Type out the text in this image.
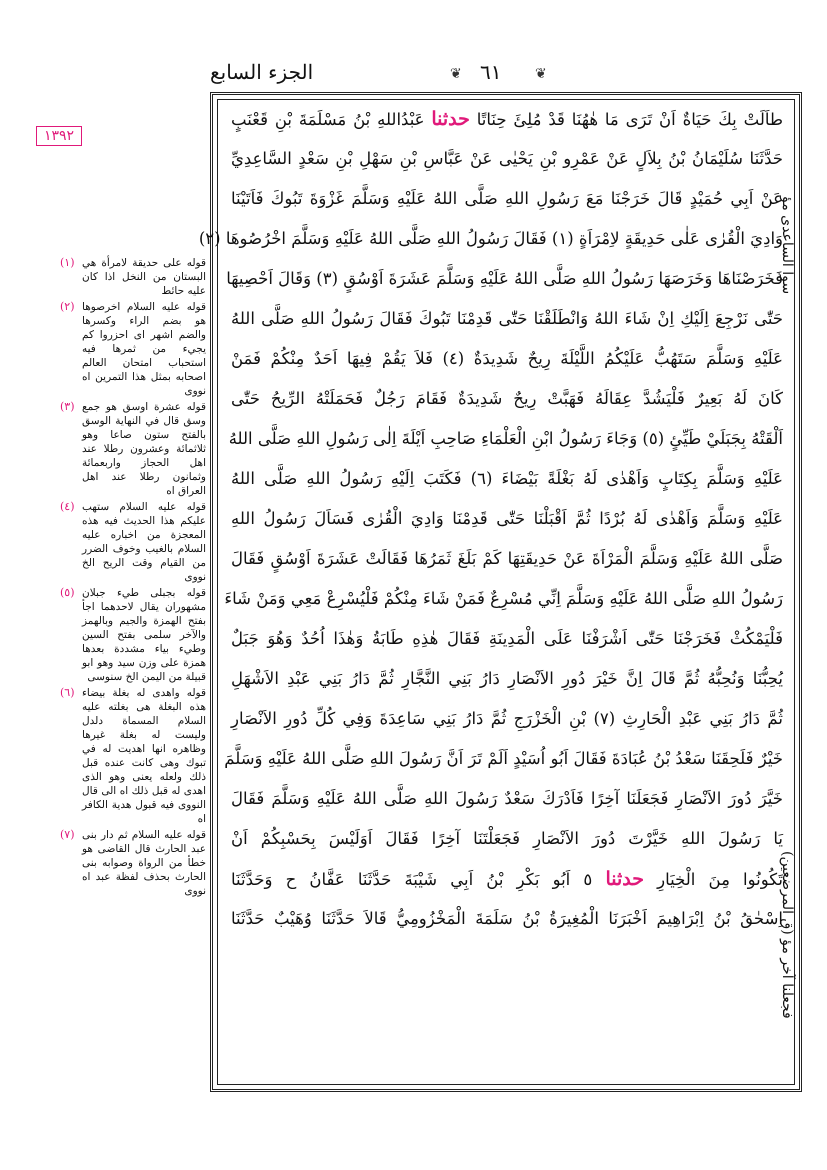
الجزء السابع	❦ ٦١ ❦
١٣٩٢
طاَلَتْ بِكَ حَيَاةٌ اَنْ تَرَى مَا هٰهُنَا قَدْ مُلِئَ حِنَاتًا حدثنا عَبْدُاللهِ بْنُ مَسْلَمَةَ بْنِ قَعْنَبٍ
حَدَّثَنَا سُلَيْمَانُ بْنُ بِلاَلٍ عَنْ عَمْرِو بْنِ يَحْيٰى عَنْ عَبَّاسِ بْنِ سَهْلِ بْنِ سَعْدٍ السَّاعِدِيِّ
عَنْ اَبِي حُمَيْدٍ قَالَ خَرَجْنَا مَعَ رَسُولِ اللهِ صَلَّى اللهُ عَلَيْهِ وَسَلَّمَ غَزْوَةَ تَبُوكَ فَاَتَيْنَا
وَادِيَ الْقُرٰى عَلٰى حَدِيقَةٍ لاِمْرَاَةٍ (١) فَقَالَ رَسُولُ اللهِ صَلَّى اللهُ عَلَيْهِ وَسَلَّمَ اخْرُصُوهَا (٢)
فَخَرَصْنَاهَا وَخَرَصَهَا رَسُولُ اللهِ صَلَّى اللهُ عَلَيْهِ وَسَلَّمَ عَشَرَةَ اَوْسُقٍ (٣) وَقَالَ اَحْصِيهَا
حَتّٰى نَرْجِعَ اِلَيْكِ اِنْ شَاءَ اللهُ وَانْطَلَقْنَا حَتّٰى قَدِمْنَا تَبُوكَ فَقَالَ رَسُولُ اللهِ صَلَّى اللهُ
عَلَيْهِ وَسَلَّمَ سَتَهُبُّ عَلَيْكُمُ اللَّيْلَةَ رِيحٌ شَدِيدَةٌ (٤) فَلاَ يَقُمْ فِيهَا اَحَدٌ مِنْكُمْ فَمَنْ
كَانَ لَهُ بَعِيرٌ فَلْيَشُدَّ عِقَالَهُ فَهَبَّتْ رِيحٌ شَدِيدَةٌ فَقَامَ رَجُلٌ فَحَمَلَتْهُ الرِّيحُ حَتّٰى
اَلْقَتْهُ بِجَبَلَيْ طَيِّئٍ (٥) وَجَاءَ رَسُولُ ابْنِ الْعَلْمَاءِ صَاحِبِ اَيْلَةَ اِلٰى رَسُولِ اللهِ صَلَّى اللهُ
عَلَيْهِ وَسَلَّمَ بِكِتَابٍ وَاَهْدٰى لَهُ بَغْلَةً بَيْضَاءَ (٦) فَكَتَبَ اِلَيْهِ رَسُولُ اللهِ صَلَّى اللهُ
عَلَيْهِ وَسَلَّمَ وَاَهْدٰى لَهُ بُرْدًا ثُمَّ اَقْبَلْنَا حَتّٰى قَدِمْنَا وَادِيَ الْقُرٰى فَسَاَلَ رَسُولُ اللهِ
صَلَّى اللهُ عَلَيْهِ وَسَلَّمَ الْمَرْاَةَ عَنْ حَدِيقَتِهَا كَمْ بَلَغَ ثَمَرُهَا فَقَالَتْ عَشَرَةَ اَوْسُقٍ فَقَالَ
رَسُولُ اللهِ صَلَّى اللهُ عَلَيْهِ وَسَلَّمَ اِنِّي مُسْرِعٌ فَمَنْ شَاءَ مِنْكُمْ فَلْيُسْرِعْ مَعِي وَمَنْ شَاءَ
فَلْيَمْكُثْ فَخَرَجْنَا حَتّٰى اَشْرَفْنَا عَلَى الْمَدِينَةِ فَقَالَ هٰذِهِ طَابَةُ وَهٰذَا اُحُدٌ وَهُوَ جَبَلٌ
يُحِبُّنَا وَنُحِبُّهُ ثُمَّ قَالَ اِنَّ خَيْرَ دُورِ الاَنْصَارِ دَارُ بَنِي النَّجَّارِ ثُمَّ دَارُ بَنِي عَبْدِ الاَشْهَلِ
ثُمَّ دَارُ بَنِي عَبْدِ الْحَارِثِ (٧) بْنِ الْخَزْرَجِ ثُمَّ دَارُ بَنِي سَاعِدَةَ وَفِي كُلِّ دُورِ الاَنْصَارِ
خَيْرٌ فَلَحِقَنَا سَعْدُ بْنُ عُبَادَةَ فَقَالَ اَبُو اُسَيْدٍ اَلَمْ تَرَ اَنَّ رَسُولَ اللهِ صَلَّى اللهُ عَلَيْهِ وَسَلَّمَ
خَيَّرَ دُورَ الاَنْصَارِ فَجَعَلَنَا آخِرًا فَاَدْرَكَ سَعْدٌ رَسُولَ اللهِ صَلَّى اللهُ عَلَيْهِ وَسَلَّمَ فَقَالَ
يَا رَسُولَ اللهِ خَيَّرْتَ دُورَ الاَنْصَارِ فَجَعَلْتَنَا آخِرًا فَقَالَ اَوَلَيْسَ بِحَسْبِكُمْ اَنْ
تَكُونُوا مِنَ الْخِيَارِ حدثنا ٥ اَبُو بَكْرِ بْنُ اَبِي شَيْبَةَ حَدَّثَنَا عَفَّانُ ح وَحَدَّثَنَا
اِسْحٰقُ بْنُ اِبْرَاهِيمَ اَخْبَرَنَا الْمُغِيرَةُ بْنُ سَلَمَةَ الْمَخْزُومِيُّ قَالاَ حَدَّثَنَا وُهَيْبٌ حَدَّثَنَا
سوا الساعدی مؤ
فجعلنا آخر مؤ (ق المرضعین)
(١) قوله على حديقة لامرأة هي البستان من النخل اذا كان عليه حائط
(٢) قوله عليه السلام اخرصوها هو بضم الراء وكسرها والضم اشهر اى احزروا كم يجيء من ثمرها فيه استحباب امتحان العالم اصحابه بمثل هذا التمرين اه نووى
(٣) قوله عشرة اوسق هو جمع وسق قال في النهاية الوسق بالفتح ستون صاعا وهو ثلاثمائة وعشرون رطلا عند اهل الحجاز واربعمائة وثمانون رطلا عند اهل العراق اه
(٤) قوله عليه السلام ستهب عليكم هذا الحديث فيه هذه المعجزة من اخباره عليه السلام بالغيب وخوف الضرر من القيام وقت الريح الخ نووى
(٥) قوله بجبلى طيء جبلان مشهوران يقال لاحدهما اجأ بفتح الهمزة والجيم وبالهمز والآخر سلمى بفتح السين وطيء بياء مشددة بعدها همزة على وزن سيد وهو ابو قبيلة من اليمن الخ سنوسى
(٦) قوله واهدى له بغلة بيضاء هذه البغلة هى بغلته عليه السلام المسماة دلدل وليست له بغلة غيرها وظاهره انها اهديت له في تبوك وهى كانت عنده قبل ذلك ولعله يعنى وهو الذى اهدى له قبل ذلك اه الى قال النووى فيه قبول هدية الكافر اه
(٧) قوله عليه السلام ثم دار بنى عبد الحارث قال القاضى هو خطأ من الرواة وصوابه بنى الحارث بحذف لفظة عبد اه نووى
